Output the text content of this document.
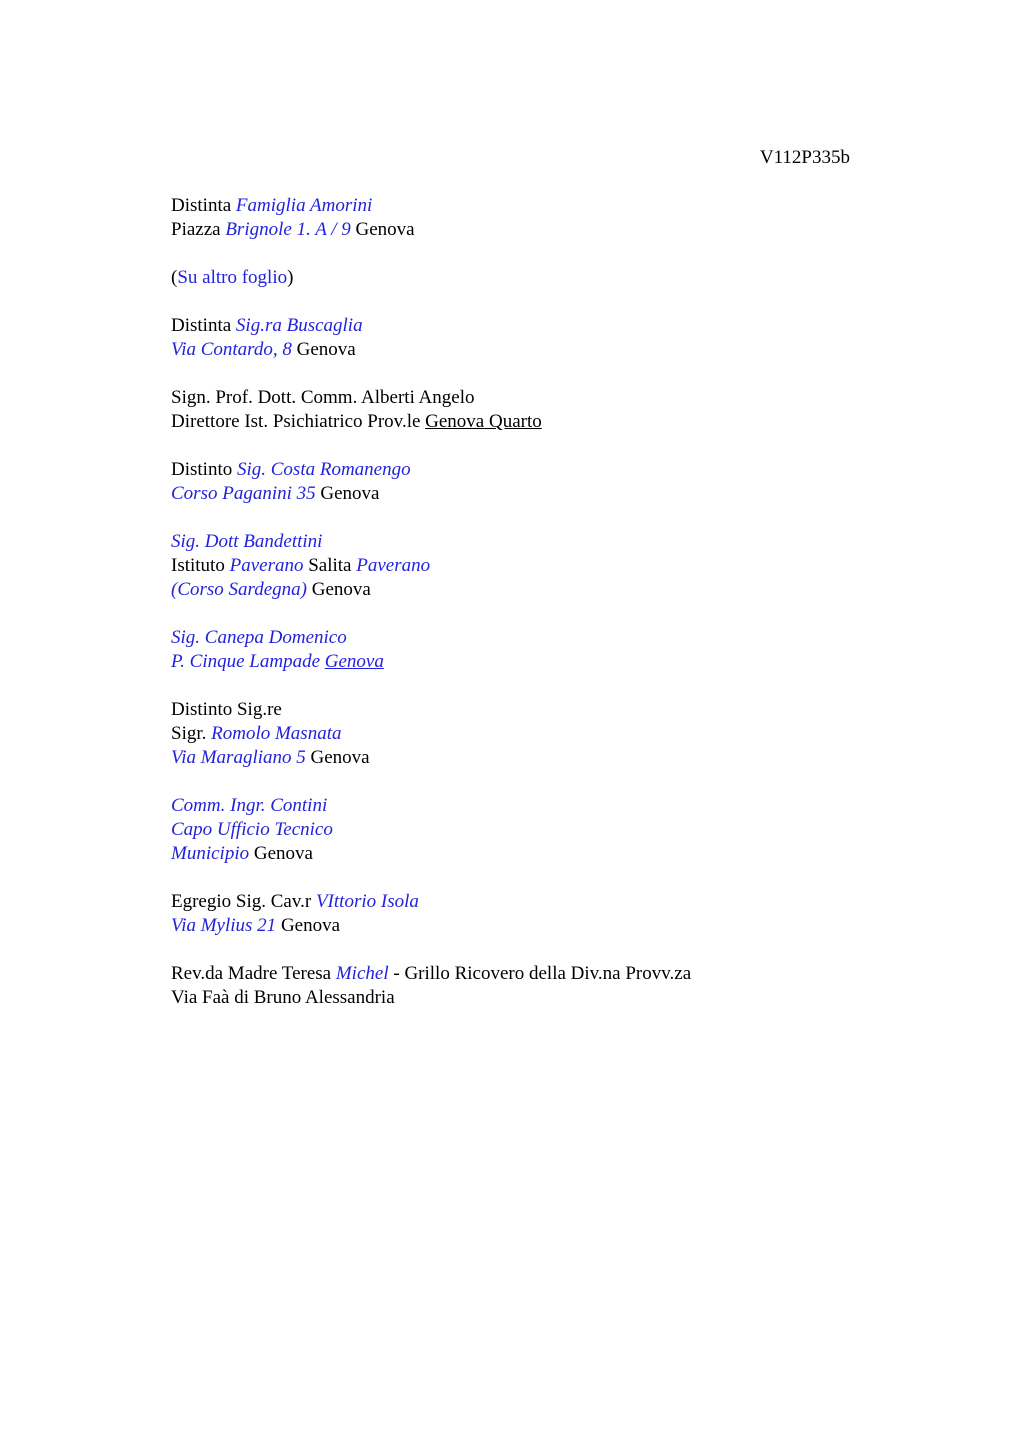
V112P335b
Distinta Famiglia Amorini
Piazza Brignole 1. A / 9 Genova
(Su altro foglio)
Distinta Sig.ra Buscaglia
Via Contardo, 8 Genova
Sign. Prof. Dott. Comm. Alberti Angelo
Direttore Ist. Psichiatrico Prov.le Genova Quarto
Distinto Sig. Costa Romanengo
Corso Paganini 35 Genova
Sig. Dott Bandettini
Istituto Paverano Salita Paverano
(Corso Sardegna) Genova
Sig. Canepa Domenico
P. Cinque Lampade Genova
Distinto Sig.re
Sigr. Romolo Masnata
Via Maragliano 5 Genova
Comm. Ingr. Contini
Capo Ufficio Tecnico
Municipio Genova
Egregio Sig. Cav.r VIttorio Isola
Via Mylius 21 Genova
Rev.da Madre Teresa Michel - Grillo Ricovero della Div.na Provv.za
Via Faà di Bruno Alessandria
